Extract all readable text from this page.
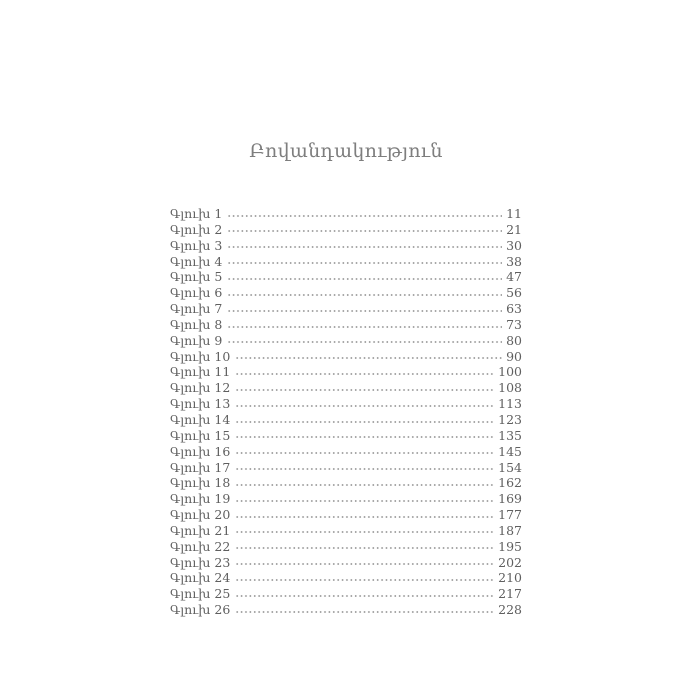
Բովանդակություն
Գլուխ 1	11
Գլուխ 2	21
Գլուխ 3	30
Գլուխ 4	38
Գլուխ 5	47
Գլուխ 6	56
Գլուխ 7	63
Գլուխ 8	73
Գլուխ 9	80
Գլուխ 10	90
Գլուխ 11	100
Գլուխ 12	108
Գլուխ 13	113
Գլուխ 14	123
Գլուխ 15	135
Գլուխ 16	145
Գլուխ 17	154
Գլուխ 18	162
Գլուխ 19	169
Գլուխ 20	177
Գլուխ 21	187
Գլուխ 22	195
Գլուխ 23	202
Գլուխ 24	210
Գլուխ 25	217
Գլուխ 26	228
